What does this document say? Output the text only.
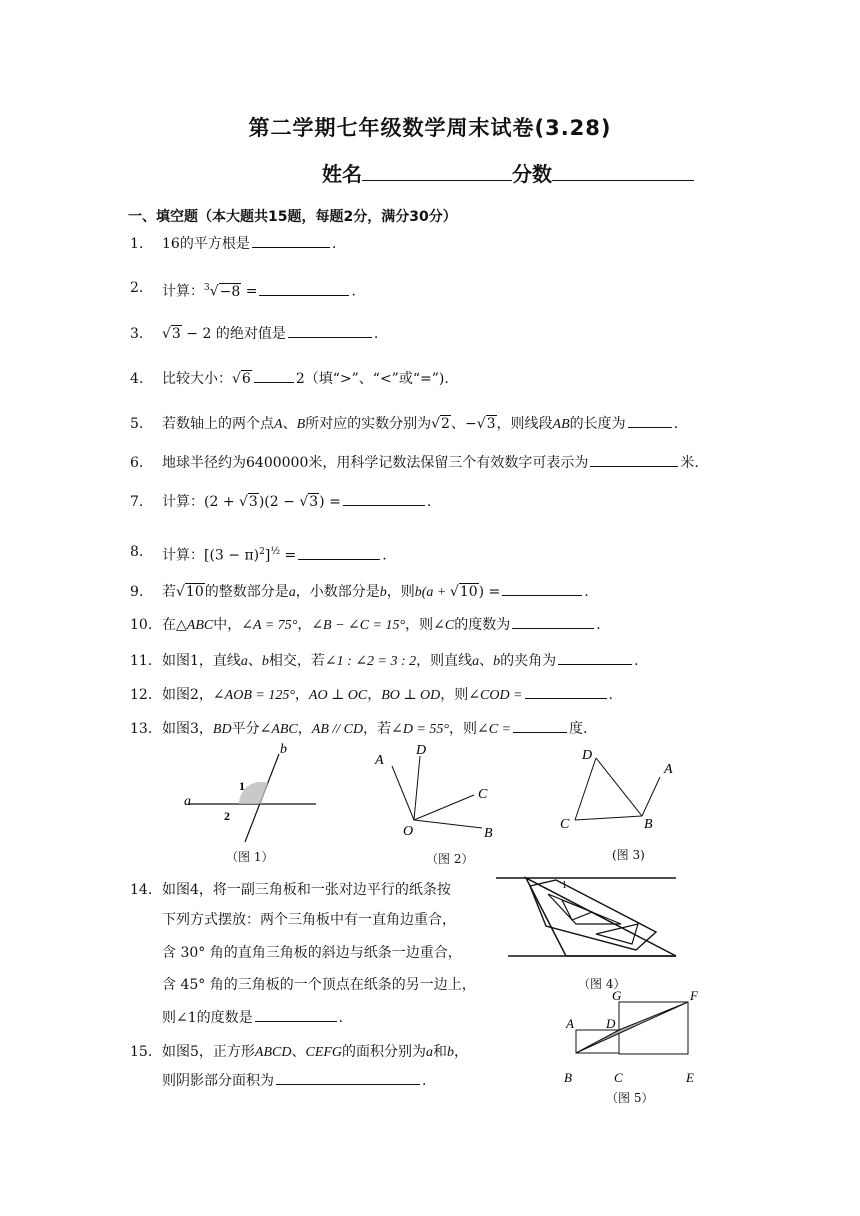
第二学期七年级数学周末试卷(3.28)
姓名	分数
一、填空题（本大题共15题，每题2分，满分30分）
1.	16的平方根是	.
2.	计算：$^3$√−8 =	.
3.	√3 − 2 的绝对值是	.
4.	比较大小：√6	2（填“>”、“<”或“=”).
5.	若数轴上的两个点A、B所对应的实数分别为√2、−√3，则线段AB的长度为	.
6.	地球半径约为6400000米，用科学记数法保留三个有效数字可表示为	米.
7.	计算：(2 + √3)(2 − √3) =	.
8.	计算：$[(3 - \pi)^2]^{\frac{1}{2}}$ =	.
9.	若√10的整数部分是a，小数部分是b，则b(a + √10) =	.
10. 在△ABC中，∠A = 75°，∠B − ∠C = 15°，则∠C的度数为	.
11. 如图1，直线a、b相交，若∠1 : ∠2 = 3 : 2，则直线a、b的夹角为	.
12. 如图2，∠AOB = 125°，AO ⊥ OC，BO ⊥ OD，则∠COD =	.
13. 如图3，BD平分∠ABC，AB // CD，若∠D = 55°，则∠C =	度.
b
a
1
2
（图 1）
A
D
C
O	B
（图 2）
D
A
C	B
(图 3)
14. 如图4，将一副三角板和一张对边平行的纸条按
下列方式摆放：两个三角板中有一直角边重合，
含 30° 角的直角三角板的斜边与纸条一边重合，
含 45° 角的三角板的一个顶点在纸条的另一边上，
则∠1的度数是	.
1
（图 4）
15. 如图5，正方形ABCD、CEFG的面积分别为a和b，
则阴影部分面积为	.
G	F
A D
B	C	E
（图 5）
